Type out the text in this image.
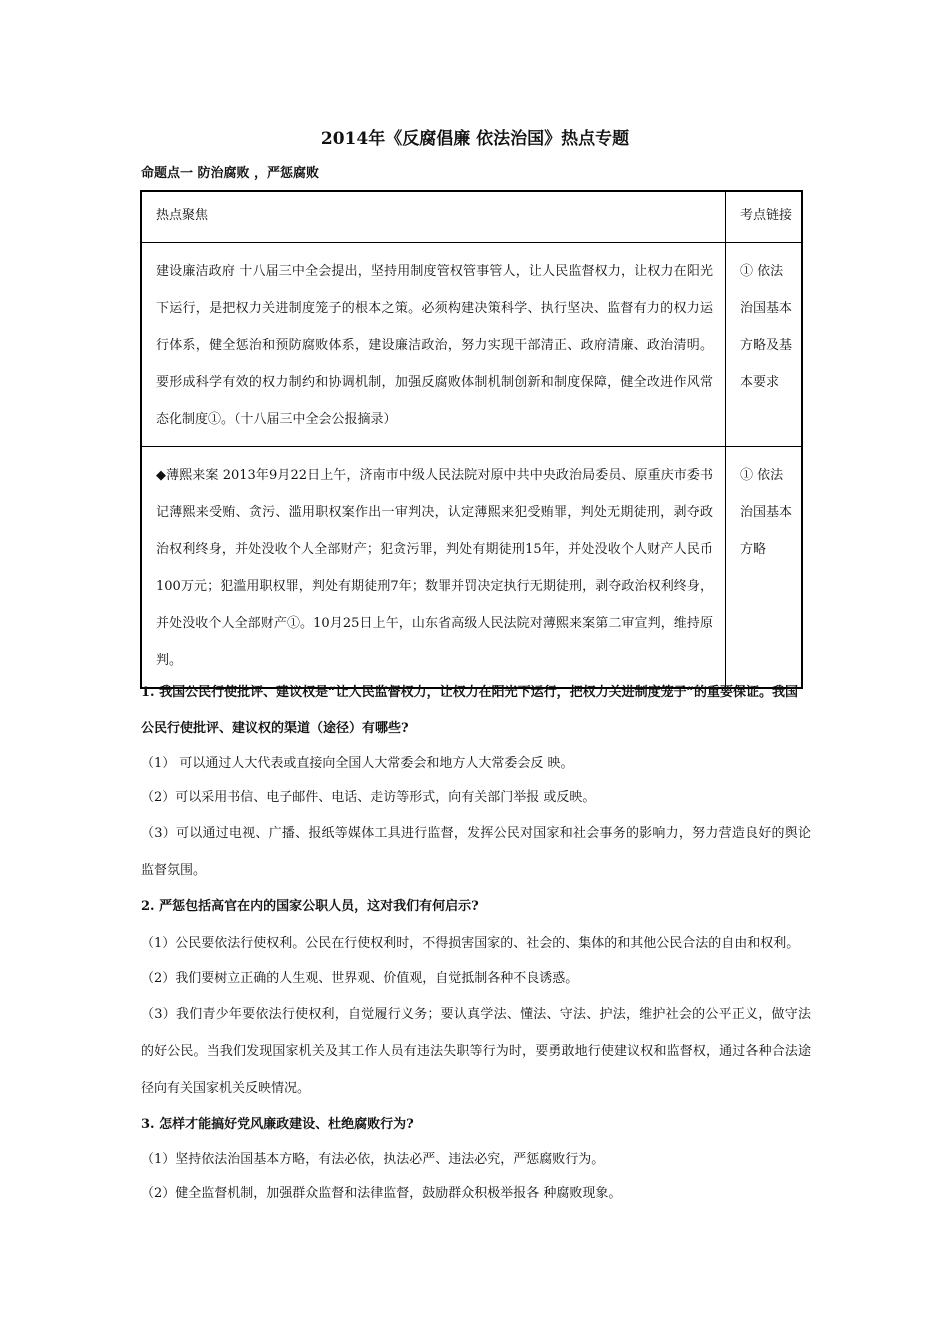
2014年《反腐倡廉 依法治国》热点专题
命题点一 防治腐败 ，严惩腐败
热点聚焦	考点链接

建设廉洁政府 十八届三中全会提出，坚持用制度管权管事管人，让人民监督权力，让权力在阳光下运行，是把权力关进制度笼子的根本之策。必须构建决策科学、执行坚决、监督有力的权力运行体系，健全惩治和预防腐败体系，建设廉洁政治，努力实现干部清正、政府清廉、政治清明。要形成科学有效的权力制约和协调机制，加强反腐败体制机制创新和制度保障，健全改进作风常态化制度①。（十八届三中全会公报摘录）	① 依法治国基本方略及基本要求

◆薄熙来案 2013年9月22日上午，济南市中级人民法院对原中共中央政治局委员、原重庆市委书记薄熙来受贿、贪污、滥用职权案作出一审判决，认定薄熙来犯受贿罪，判处无期徒刑，剥夺政治权利终身，并处没收个人全部财产；犯贪污罪，判处有期徒刑15年，并处没收个人财产人民币100万元；犯滥用职权罪，判处有期徒刑7年；数罪并罚决定执行无期徒刑，剥夺政治权利终身，并处没收个人全部财产①。10月25日上午，山东省高级人民法院对薄熙来案第二审宣判，维持原判。	① 依法治国基本方略
1. 我国公民行使批评、建议权是“让人民监督权力，让权力在阳光下运行，把权力关进制度笼子”的重要保证。我国公民行使批评、建议权的渠道（途径）有哪些?
（1） 可以通过人大代表或直接向全国人大常委会和地方人大常委会反 映。
（2）可以采用书信、电子邮件、电话、走访等形式，向有关部门举报 或反映。
（3）可以通过电视、广播、报纸等媒体工具进行监督，发挥公民对国家和社会事务的影响力，努力营造良好的舆论监督氛围。
2. 严惩包括高官在内的国家公职人员，这对我们有何启示?
（1）公民要依法行使权利。公民在行使权利时，不得损害国家的、社会的、集体的和其他公民合法的自由和权利。
（2）我们要树立正确的人生观、世界观、价值观，自觉抵制各种不良诱惑。
（3）我们青少年要依法行使权利，自觉履行义务；要认真学法、懂法、守法、护法，维护社会的公平正义，做守法的好公民。当我们发现国家机关及其工作人员有违法失职等行为时，要勇敢地行使建议权和监督权，通过各种合法途径向有关国家机关反映情况。
3. 怎样才能搞好党风廉政建设、杜绝腐败行为?
（1）坚持依法治国基本方略，有法必依，执法必严、违法必究，严惩腐败行为。
（2）健全监督机制，加强群众监督和法律监督，鼓励群众积极举报各 种腐败现象。
